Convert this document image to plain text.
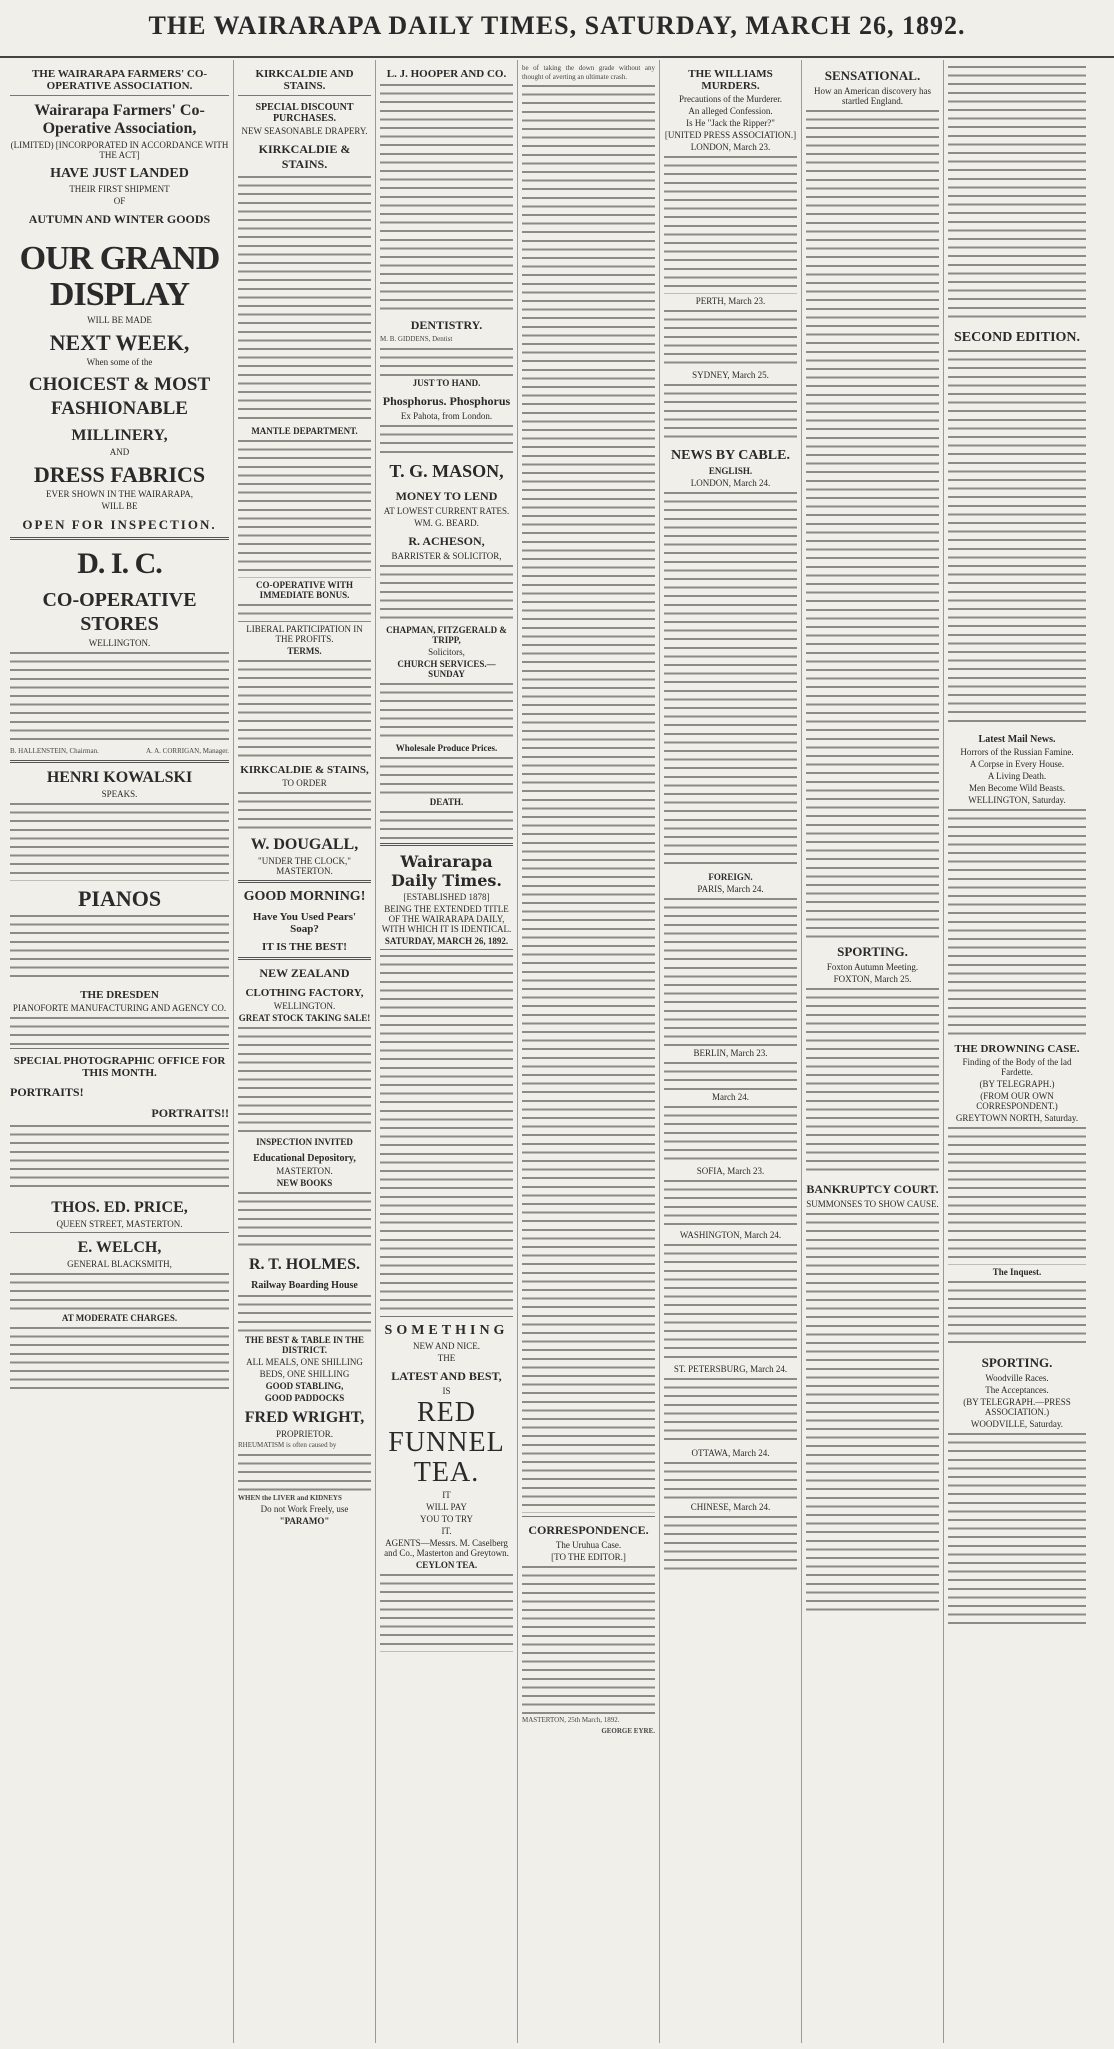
THE WAIRARAPA DAILY TIMES, SATURDAY, MARCH 26, 1892.
THE WAIRARAPA FARMERS' CO-OPERATIVE ASSOCIATION.
Wairarapa Farmers' Co-Operative Association,
(LIMITED) [INCORPORATED IN ACCORDANCE WITH THE ACT]
HAVE JUST LANDED
THEIR FIRST SHIPMENT
OF
AUTUMN AND WINTER GOODS
OUR GRAND DISPLAY
WILL BE MADE
NEXT WEEK,
When some of the
CHOICEST & MOST FASHIONABLE
MILLINERY,
AND
DRESS FABRICS
EVER SHOWN IN THE WAIRARAPA,
WILL BE
OPEN FOR INSPECTION.
D. I. C.
CO-OPERATIVE STORES
WELLINGTON.
B. HALLENSTEIN, Chairman.	A. A. CORRIGAN, Manager.
HENRI KOWALSKI
SPEAKS.
PIANOS
THE DRESDEN
PIANOFORTE MANUFACTURING AND AGENCY CO.
SPECIAL PHOTOGRAPHIC OFFICE FOR THIS MONTH.
PORTRAITS!
PORTRAITS!!
THOS. ED. PRICE,
QUEEN STREET, MASTERTON.
E. WELCH,
GENERAL BLACKSMITH,
AT MODERATE CHARGES.
KIRKCALDIE AND STAINS.
SPECIAL DISCOUNT PURCHASES.
NEW SEASONABLE DRAPERY.
KIRKCALDIE & STAINS.
MANTLE DEPARTMENT.
CO-OPERATIVE WITH IMMEDIATE BONUS.
LIBERAL PARTICIPATION IN THE PROFITS.
TERMS.
KIRKCALDIE & STAINS,
TO ORDER
W. DOUGALL,
"UNDER THE CLOCK," MASTERTON.
GOOD MORNING!
Have You Used Pears' Soap?
IT IS THE BEST!
NEW ZEALAND
CLOTHING FACTORY,
WELLINGTON.
GREAT STOCK TAKING SALE!
INSPECTION INVITED
Educational Depository,
MASTERTON.
NEW BOOKS
R. T. HOLMES.
Railway Boarding House
THE BEST & TABLE IN THE DISTRICT.
ALL MEALS, ONE SHILLING
BEDS, ONE SHILLING
GOOD STABLING,
GOOD PADDOCKS
FRED WRIGHT,
PROPRIETOR.
RHEUMATISM is often caused by
WHEN the LIVER and KIDNEYS
Do not Work Freely, use
"PARAMO"
L. J. HOOPER AND CO.
DENTISTRY.
M. B. GIDDENS, Dentist
JUST TO HAND.
Phosphorus. Phosphorus
Ex Pahota, from London.
T. G. MASON,
MONEY TO LEND
AT LOWEST CURRENT RATES.
WM. G. BEARD.
R. ACHESON,
BARRISTER & SOLICITOR,
CHAPMAN, FITZGERALD & TRIPP,
Solicitors,
CHURCH SERVICES.—SUNDAY
Wholesale Produce Prices.
DEATH.
Wairarapa Daily Times.
[ESTABLISHED 1878]
BEING THE EXTENDED TITLE OF THE WAIRARAPA DAILY, WITH WHICH IT IS IDENTICAL.
SATURDAY, MARCH 26, 1892.
SOMETHING
NEW AND NICE.
THE
LATEST AND BEST,
IS
RED FUNNEL
TEA.
IT
WILL PAY
YOU TO TRY
IT.
AGENTS—Messrs. M. Caselberg and Co., Masterton and Greytown.
CEYLON TEA.
be of taking the down grade without any thought of averting an ultimate crash.
CORRESPONDENCE.
The Uruhua Case.
[TO THE EDITOR.]
MASTERTON, 25th March, 1892.
GEORGE EYRE.
THE WILLIAMS MURDERS.
Precautions of the Murderer.
An alleged Confession.
Is He "Jack the Ripper?"
[UNITED PRESS ASSOCIATION.]
LONDON, March 23.
PERTH, March 23.
SYDNEY, March 25.
NEWS BY CABLE.
ENGLISH.
LONDON, March 24.
FOREIGN.
PARIS, March 24.
BERLIN, March 23.
March 24.
SOFIA, March 23.
WASHINGTON, March 24.
ST. PETERSBURG, March 24.
OTTAWA, March 24.
CHINESE, March 24.
SENSATIONAL.
How an American discovery has startled England.
SPORTING.
Foxton Autumn Meeting.
FOXTON, March 25.
BANKRUPTCY COURT.
SUMMONSES TO SHOW CAUSE.
SECOND EDITION.
Latest Mail News.
Horrors of the Russian Famine.
A Corpse in Every House.
A Living Death.
Men Become Wild Beasts.
WELLINGTON, Saturday.
THE DROWNING CASE.
Finding of the Body of the lad Fardette.
(BY TELEGRAPH.)
(FROM OUR OWN CORRESPONDENT.)
GREYTOWN NORTH, Saturday.
The Inquest.
SPORTING.
Woodville Races.
The Acceptances.
(BY TELEGRAPH.—PRESS ASSOCIATION.)
WOODVILLE, Saturday.
